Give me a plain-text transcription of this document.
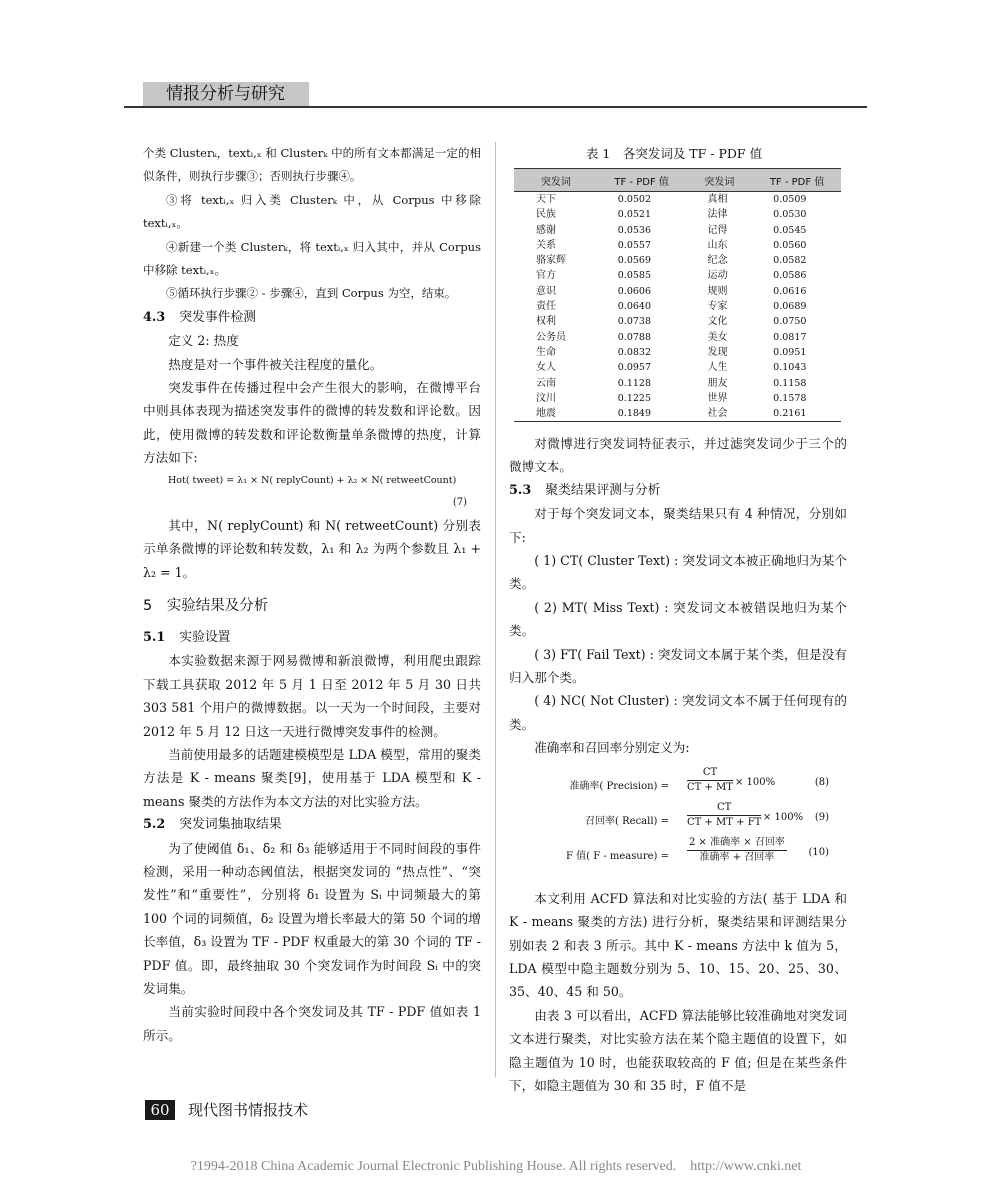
情报分析与研究

个类 Clusterₖ，textᵢ,ₓ 和 Clusterₖ 中的所有文本都满足一定的相似条件，则执行步骤③；否则执行步骤④。

③将 textᵢ,ₓ 归入类 Clusterₖ 中，从 Corpus 中移除 textᵢ,ₓ。

④新建一个类 Clusterₖ，将 textᵢ,ₓ 归入其中，并从 Corpus 中移除 textᵢ,ₓ。

⑤循环执行步骤② - 步骤④，直到 Corpus 为空，结束。

4.3 突发事件检测

定义 2: 热度

热度是对一个事件被关注程度的量化。

突发事件在传播过程中会产生很大的影响，在微博平台中则具体表现为描述突发事件的微博的转发数和评论数。因此，使用微博的转发数和评论数衡量单条微博的热度，计算方法如下:

Hot( tweet) = λ₁ × N( replyCount) + λ₂ × N( retweetCount)

(7)

其中，N( replyCount) 和 N( retweetCount) 分别表示单条微博的评论数和转发数，λ₁ 和 λ₂ 为两个参数且 λ₁ + λ₂ = 1。

5　实验结果及分析
5.1 实验设置

本实验数据来源于网易微博和新浪微博，利用爬虫跟踪下载工具获取 2012 年 5 月 1 日至 2012 年 5 月 30 日共 303 581 个用户的微博数据。以一天为一个时间段，主要对 2012 年 5 月 12 日这一天进行微博突发事件的检测。

当前使用最多的话题建模模型是 LDA 模型，常用的聚类方法是 K - means 聚类[9]，使用基于 LDA 模型和 K - means 聚类的方法作为本文方法的对比实验方法。

5.2 突发词集抽取结果

为了使阈值 δ₁、δ₂ 和 δ₃ 能够适用于不同时间段的事件检测，采用一种动态阈值法，根据突发词的 “热点性”、“突发性”和“重要性”，分别将 δ₁ 设置为 Sᵢ 中词频最大的第 100 个词的词频值，δ₂ 设置为增长率最大的第 50 个词的增长率值，δ₃ 设置为 TF - PDF 权重最大的第 30 个词的 TF - PDF 值。即，最终抽取 30 个突发词作为时间段 Sᵢ 中的突发词集。

当前实验时间段中各个突发词及其 TF - PDF 值如表 1 所示。

表 1　各突发词及 TF - PDF 值
突发词	TF - PDF 值	突发词	TF - PDF 值
天下	0.0502	真相	0.0509
民族	0.0521	法律	0.0530
感谢	0.0536	记得	0.0545
关系	0.0557	山东	0.0560
骆家辉	0.0569	纪念	0.0582
官方	0.0585	运动	0.0586
意识	0.0606	规则	0.0616
责任	0.0640	专家	0.0689
权利	0.0738	文化	0.0750
公务员	0.0788	美女	0.0817
生命	0.0832	发现	0.0951
女人	0.0957	人生	0.1043
云南	0.1128	朋友	0.1158
汶川	0.1225	世界	0.1578
地震	0.1849	社会	0.2161

对微博进行突发词特征表示，并过滤突发词少于三个的微博文本。

5.3 聚类结果评测与分析

对于每个突发词文本，聚类结果只有 4 种情况，分别如下:

( 1) CT( Cluster Text) : 突发词文本被正确地归为某个类。

( 2) MT( Miss Text) : 突发词文本被错误地归为某个类。

( 3) FT( Fail Text) : 突发词文本属于某个类，但是没有归入那个类。

( 4) NC( Not Cluster) : 突发词文本不属于任何现有的类。

准确率和召回率分别定义为:

准确率( Precision) = $\frac{CT}{CT + MT} \times 100\%$	(8)
召回率( Recall) = $\frac{CT}{CT + MT + FT} \times 100\%$ (9)
F 值( F - measure) =
2 × 准确率 × 召回率
准确率 + 召回率	(10)

本文利用 ACFD 算法和对比实验的方法( 基于 LDA 和 K - means 聚类的方法) 进行分析，聚类结果和评测结果分别如表 2 和表 3 所示。其中 K - means 方法中 k 值为 5，LDA 模型中隐主题数分别为 5、10、15、20、25、30、35、40、45 和 50。

由表 3 可以看出，ACFD 算法能够比较准确地对突发词文本进行聚类，对比实验方法在某个隐主题值的设置下，如隐主题值为 10 时，也能获取较高的 F 值; 但是在某些条件下，如隐主题值为 30 和 35 时，F 值不是

60	现代图书情报技术
?1994-2018 China Academic Journal Electronic Publishing House. All rights reserved.　http://www.cnki.net
